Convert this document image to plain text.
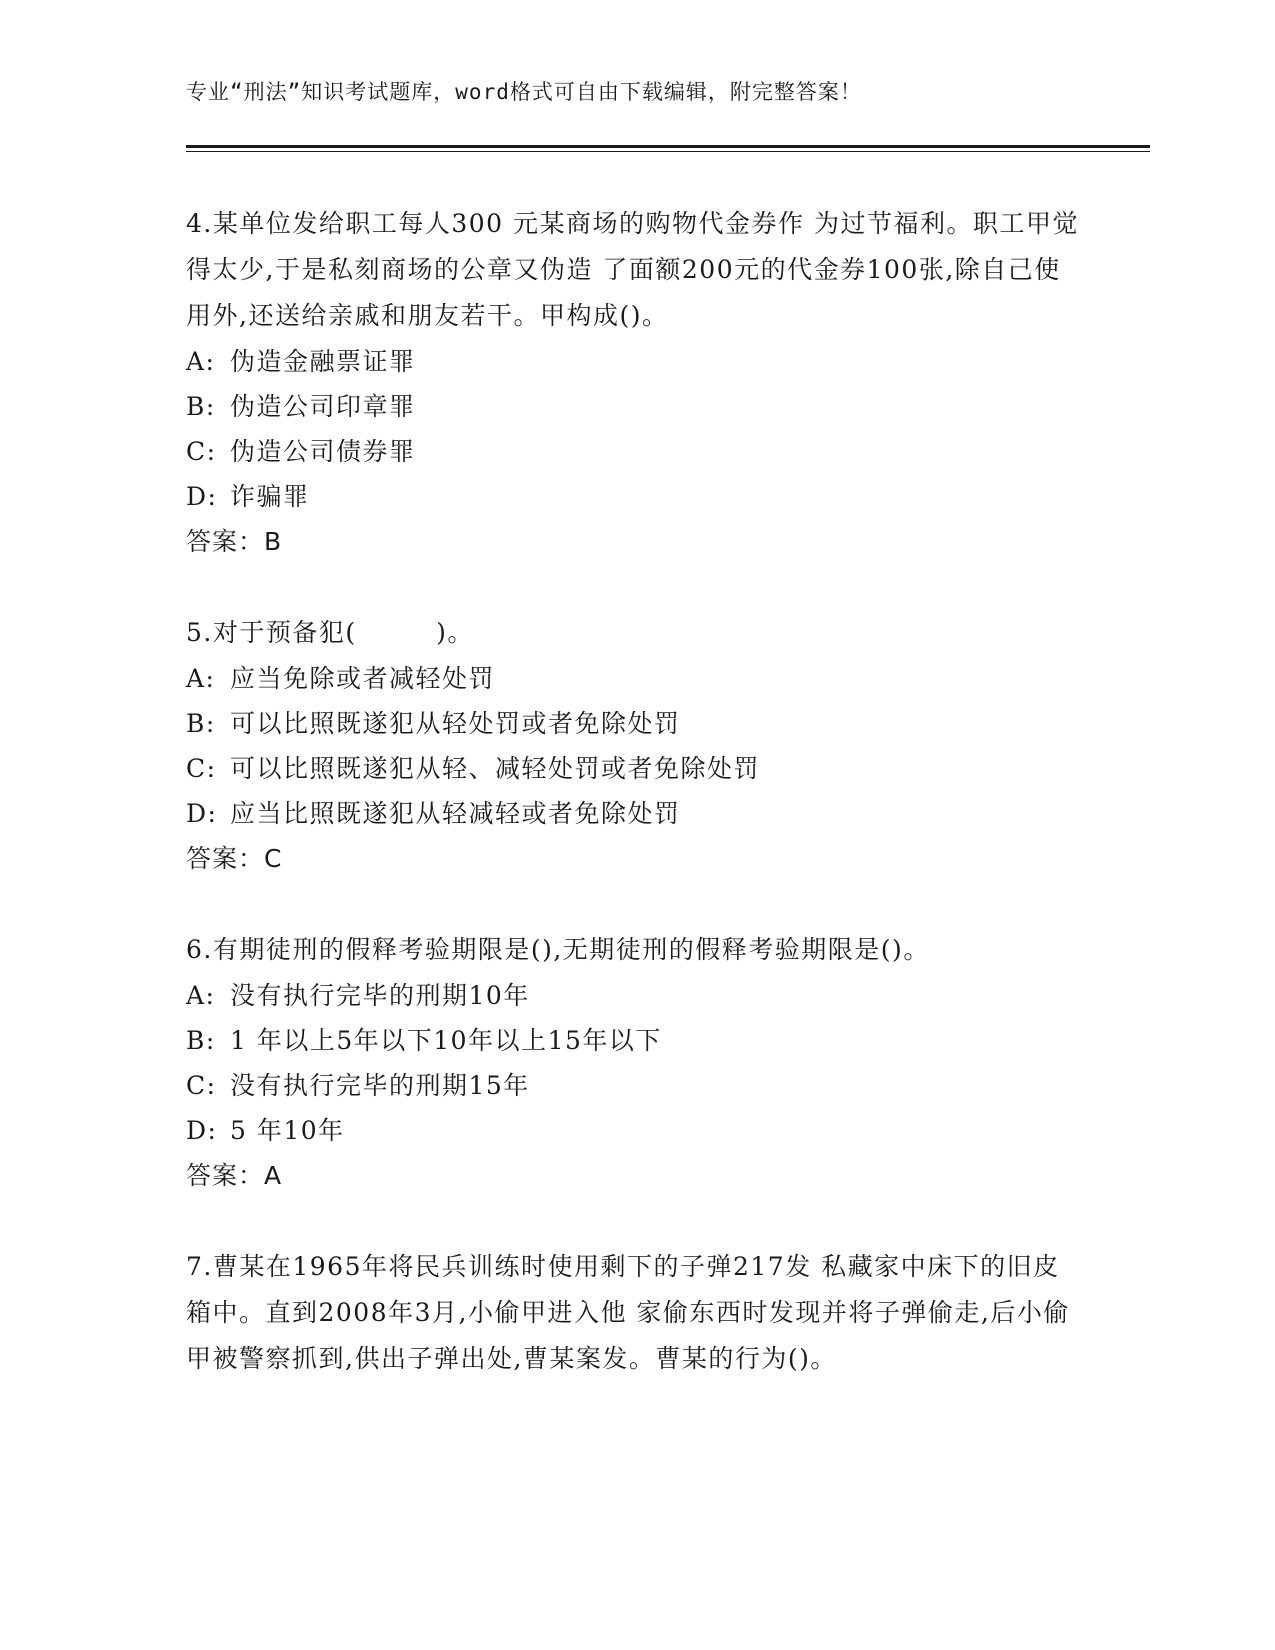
专业“刑法”知识考试题库，word格式可自由下载编辑，附完整答案！

4.某单位发给职工每人300 元某商场的购物代金券作 为过节福利。职工甲觉得太少,于是私刻商场的公章又伪造 了面额200元的代金券100张,除自己使用外,还送给亲戚和朋友若干。甲构成()。

A: 伪造金融票证罪
B: 伪造公司印章罪
C: 伪造公司债券罪
D: 诈骗罪
答案：B

5.对于预备犯(　　　)。

A: 应当免除或者减轻处罚
B: 可以比照既遂犯从轻处罚或者免除处罚
C: 可以比照既遂犯从轻、减轻处罚或者免除处罚
D: 应当比照既遂犯从轻减轻或者免除处罚
答案：C

6.有期徒刑的假释考验期限是(),无期徒刑的假释考验期限是()。

A: 没有执行完毕的刑期10年
B: 1 年以上5年以下10年以上15年以下
C: 没有执行完毕的刑期15年
D: 5 年10年
答案：A

7.曹某在1965年将民兵训练时使用剩下的子弹217发 私藏家中床下的旧皮箱中。直到2008年3月,小偷甲进入他 家偷东西时发现并将子弹偷走,后小偷甲被警察抓到,供出子弹出处,曹某案发。曹某的行为()。
